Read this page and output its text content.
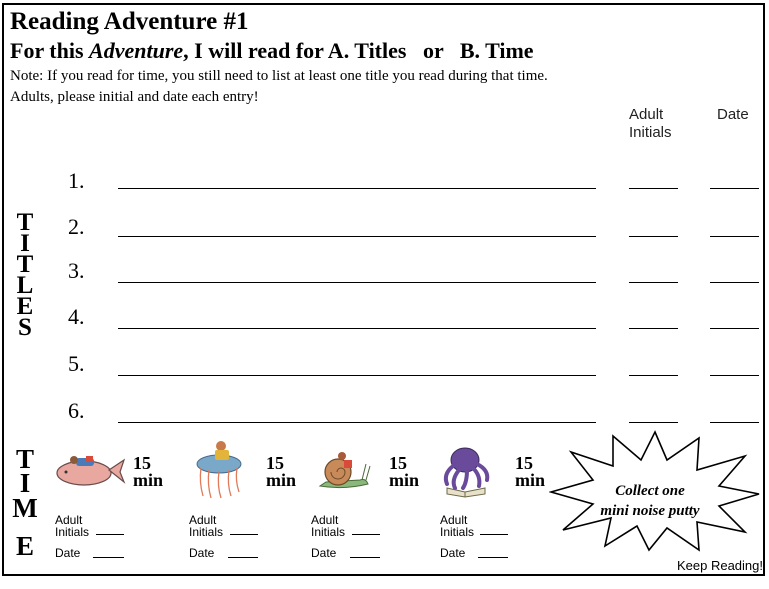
Reading Adventure #1
For this Adventure, I will read for A. Titles   or   B. Time
Note: If you read for time, you still need to list at least one title you read during that time.
Adults, please initial and date each entry!
Adult
Initials
Date
T
I
T
L
E
S
1.
2.
3.
4.
5.
6.
T
I
M
E
15
min
Adult
Initials
Date
15
min
Adult
Initials
Date
15
min
Adult
Initials
Date
15
min
Adult
Initials
Date
Collect one
mini noise putty
Keep Reading!
